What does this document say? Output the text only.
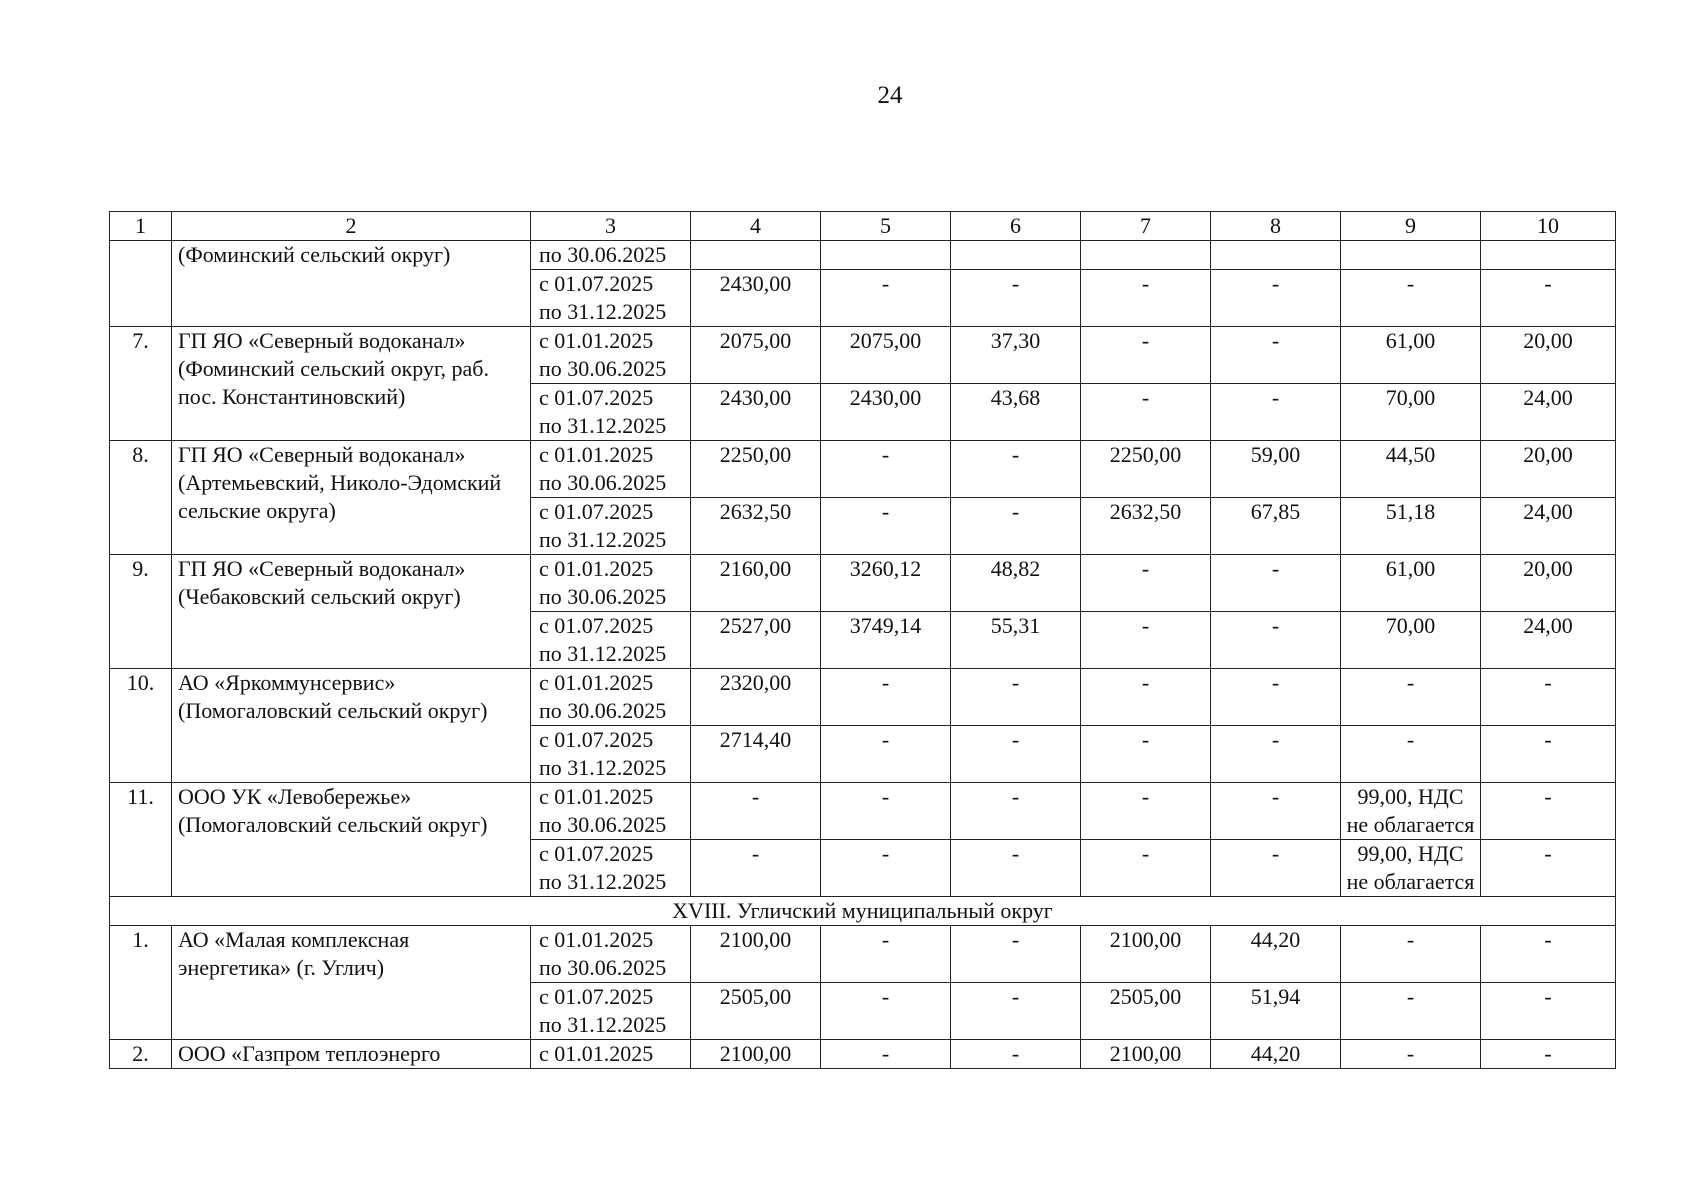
24
1	2	3	4	5	6	7	8	9	10
	(Фоминский сельский округ)	по 30.06.2025							

		с 01.07.2025
по 31.12.2025	2430,00	-	-	-	-	-	-
7.	ГП ЯО «Северный водоканал» (Фоминский сельский округ, раб. пос. Константиновский)	с 01.01.2025
по 30.06.2025	2075,00	2075,00	37,30	-	-	61,00	20,00

		с 01.07.2025
по 31.12.2025	2430,00	2430,00	43,68	-	-	70,00	24,00
8.	ГП ЯО «Северный водоканал» (Артемьевский, Николо-Эдомский сельские округа)	с 01.01.2025
по 30.06.2025	2250,00	-	-	2250,00	59,00	44,50	20,00

		с 01.07.2025
по 31.12.2025	2632,50	-	-	2632,50	67,85	51,18	24,00
9.	ГП ЯО «Северный водоканал» (Чебаковский сельский округ)	с 01.01.2025
по 30.06.2025	2160,00	3260,12	48,82	-	-	61,00	20,00

		с 01.07.2025
по 31.12.2025	2527,00	3749,14	55,31	-	-	70,00	24,00
10.	АО «Яркоммунсервис» (Помогаловский сельский округ)	с 01.01.2025
по 30.06.2025	2320,00	-	-	-	-	-	-

		с 01.07.2025
по 31.12.2025	2714,40	-	-	-	-	-	-
11.	ООО УК «Левобережье» (Помогаловский сельский округ)	с 01.01.2025
по 30.06.2025	-	-	-	-	-	99,00, НДС не облагается	-

		с 01.07.2025
по 31.12.2025	-	-	-	-	-	99,00, НДС не облагается	-
XVIII. Угличский муниципальный округ									
1.	АО «Малая комплексная энергетика» (г. Углич)	с 01.01.2025
по 30.06.2025	2100,00	-	-	2100,00	44,20	-	-

		с 01.07.2025
по 31.12.2025	2505,00	-	-	2505,00	51,94	-	-
2.	ООО «Газпром теплоэнерго	с 01.01.2025	2100,00	-	-	2100,00	44,20	-	-
